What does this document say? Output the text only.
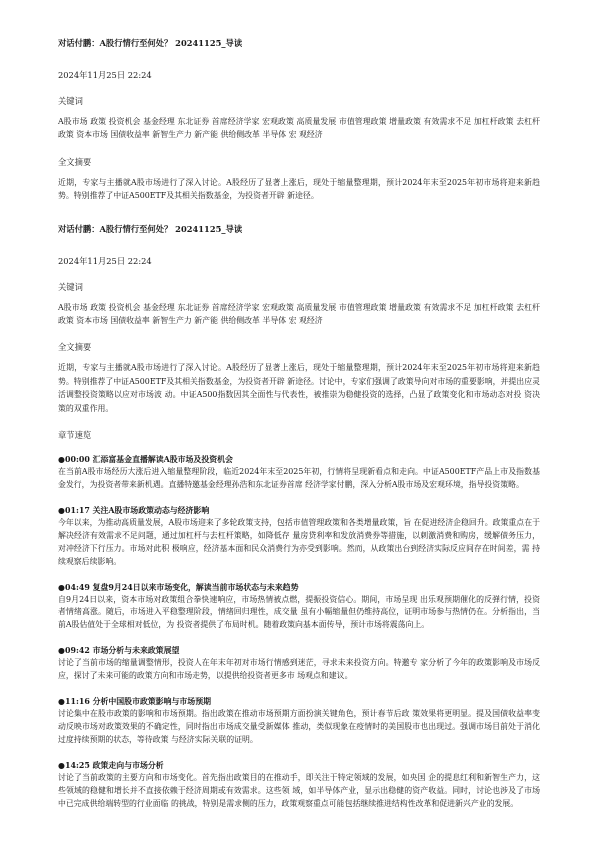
对话付鹏：A股行情行至何处？ 20241125_导读

2024年11月25日 22:24

关键词

A股市场 政策 投资机会 基金经理 东北证券 首席经济学家 宏观政策 高质量发展 市值管理政策 增量政策 有效需求不足 加杠杆政策 去杠杆政策 资本市场 国债收益率 新智生产力 新产能 供给侧改革 半导体 宏 观经济

全文摘要

近期，专家与主播就A股市场进行了深入讨论。A股经历了显著上涨后，现处于缩量整理期，预计2024年末至2025年初市场将迎来新趋势。特别推荐了中证A500ETF及其相关指数基金，为投资者开辟 新途径。

对话付鹏：A股行情行至何处？ 20241125_导读

2024年11月25日 22:24

关键词

A股市场 政策 投资机会 基金经理 东北证券 首席经济学家 宏观政策 高质量发展 市值管理政策 增量政策 有效需求不足 加杠杆政策 去杠杆政策 资本市场 国债收益率 新智生产力 新产能 供给侧改革 半导体 宏 观经济

全文摘要

近期，专家与主播就A股市场进行了深入讨论。A股经历了显著上涨后，现处于缩量整理期，预计2024年末至2025年初市场将迎来新趋势。特别推荐了中证A500ETF及其相关指数基金，为投资者开辟 新途径。讨论中，专家们强调了政策导向对市场的重要影响，并提出应灵活调整投资策略以应对市场波 动。中证A500指数因其全面性与代表性，被推崇为稳健投资的选择，凸显了政策变化和市场动态对投 资决策的双重作用。

章节速览

●00:00 汇添富基金直播解读A股市场及投资机会

在当前A股市场经历大涨后进入缩量整理阶段，临近2024年末至2025年初，行情将呈现新看点和走向。中证A500ETF产品上市及指数基金发行，为投资者带来新机遇。直播特邀基金经理孙浩和东北证券首席 经济学家付鹏，深入分析A股市场及宏观环境，指导投资策略。

●01:17 关注A股市场政策动态与经济影响

今年以来，为推动高质量发展，A股市场迎来了多轮政策支持，包括市值管理政策和各类增量政策，旨 在促进经济企稳回升。政策重点在于解决经济有效需求不足问题，通过加杠杆与去杠杆策略，如降低存 量房贷利率和发放消费券等措施，以刺激消费和购房，缓解债务压力，对冲经济下行压力。市场对此积 极响应，经济基本面和民众消费行为亦受到影响。然而，从政策出台到经济实际反应间存在时间差，需 持续观察后续影响。

●04:49 复盘9月24日以来市场变化，解读当前市场状态与未来趋势

自9月24日以来，资本市场对政策组合拳快速响应，市场热情被点燃，提振投资信心。期间，市场呈现 出乐观预期催化的反弹行情，投资者情绪高涨。随后，市场进入平稳整理阶段，情绪回归理性，成交量 虽有小幅缩量但仍维持高位，证明市场参与热情仍在。分析指出，当前A股估值处于全球相对低位，为 投资者提供了布局时机。随着政策向基本面传导，预计市场将震荡向上。

●09:42 市场分析与未来政策展望

讨论了当前市场的缩量调整情形，投资人在年末年初对市场行情感到迷茫，寻求未来投资方向。特邀专 家分析了今年的政策影响及市场反应，探讨了未来可能的政策方向和市场走势，以提供给投资者更多市 场观点和建议。

●11:16 分析中国股市政策影响与市场预期

讨论集中在股市政策的影响和市场预期。指出政策在推动市场预期方面扮演关键角色，预计春节后政 策效果将更明显。提及国债收益率变动反映市场对政策效果的不确定性，同时指出市场成交量受新媒体 推动，类似现象在疫情时的美国股市也出现过。强调市场目前处于消化过度持续预期的状态，等待政策 与经济实际关联的证明。

●14:25 政策走向与市场分析

讨论了当前政策的主要方向和市场变化。首先指出政策目的在推动手，即关注于特定领域的发展，如央国 企的提息红利和新智生产力，这些领域的稳健和增长并不直接依赖于经济周期或有效需求。这些领 域，如半导体产业，显示出稳健的资产收益。同时，讨论也涉及了市场中已完成供给端转型的行业面临 的挑战，特别是需求侧的压力，政策观察重点可能包括继续推进结构性改革和促进新兴产业的发展。
